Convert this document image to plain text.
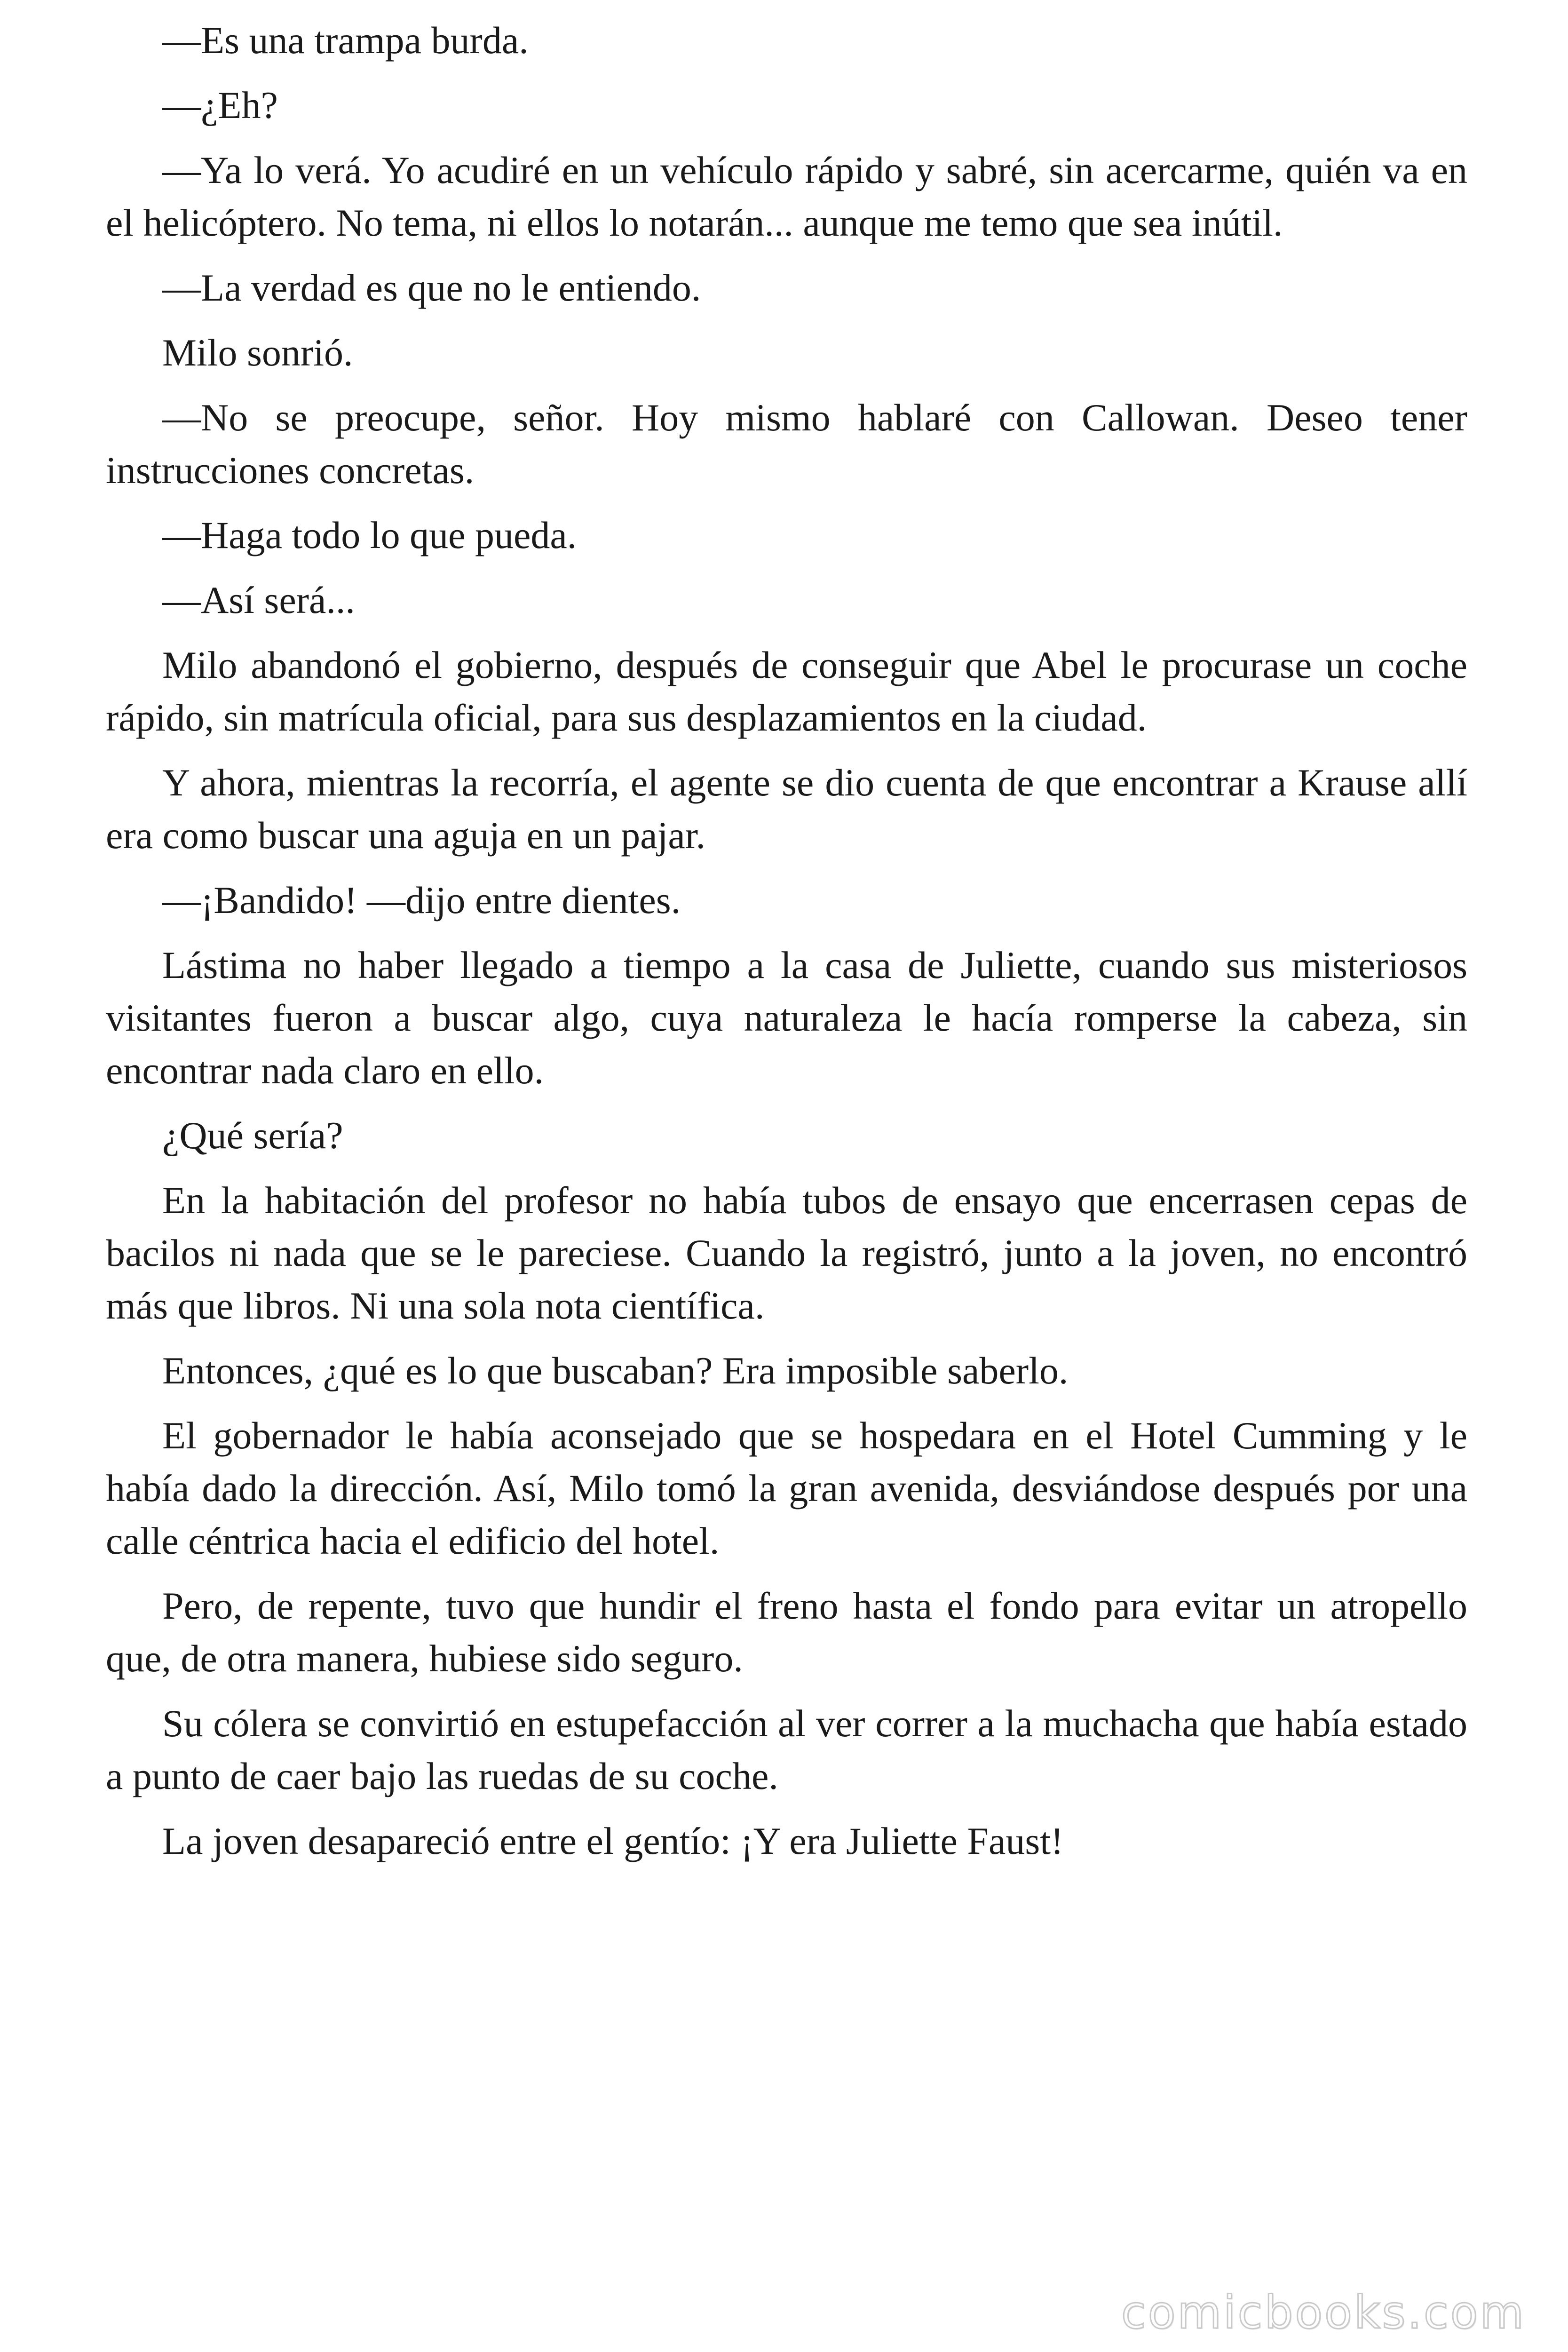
—Es una trampa burda.

—¿Eh?

—Ya lo verá. Yo acudiré en un vehículo rápido y sabré, sin acercarme, quién va en el helicóptero. No tema, ni ellos lo notarán... aunque me temo que sea inútil.

—La verdad es que no le entiendo.

Milo sonrió.

—No se preocupe, señor. Hoy mismo hablaré con Callowan. Deseo tener instrucciones concretas.

—Haga todo lo que pueda.

—Así será...

Milo abandonó el gobierno, después de conseguir que Abel le procurase un coche rápido, sin matrícula oficial, para sus desplazamientos en la ciudad.

Y ahora, mientras la recorría, el agente se dio cuenta de que encontrar a Krause allí era como buscar una aguja en un pajar.

—¡Bandido! —dijo entre dientes.

Lástima no haber llegado a tiempo a la casa de Juliette, cuando sus misteriosos visitantes fueron a buscar algo, cuya naturaleza le hacía romperse la cabeza, sin encontrar nada claro en ello.

¿Qué sería?

En la habitación del profesor no había tubos de ensayo que encerrasen cepas de bacilos ni nada que se le pareciese. Cuando la registró, junto a la joven, no encontró más que libros. Ni una sola nota científica.

Entonces, ¿qué es lo que buscaban? Era imposible saberlo.

El gobernador le había aconsejado que se hospedara en el Hotel Cumming y le había dado la dirección. Así, Milo tomó la gran avenida, desviándose después por una calle céntrica hacia el edificio del hotel.

Pero, de repente, tuvo que hundir el freno hasta el fondo para evitar un atropello que, de otra manera, hubiese sido seguro.

Su cólera se convirtió en estupefacción al ver correr a la muchacha que había estado a punto de caer bajo las ruedas de su coche.

La joven desapareció entre el gentío: ¡Y era Juliette Faust!

comicbooks.com
